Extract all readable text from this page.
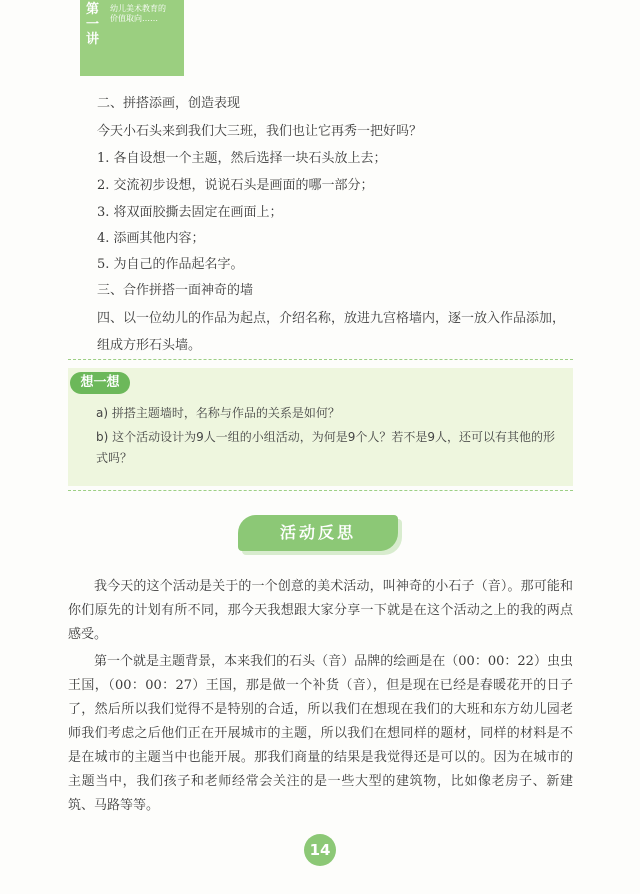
第一讲
幼儿美术教育的价值取向……

二、拼搭添画，创造表现

今天小石头来到我们大三班，我们也让它再秀一把好吗？

1. 各自设想一个主题，然后选择一块石头放上去；

2. 交流初步设想，说说石头是画面的哪一部分；

3. 将双面胶撕去固定在画面上；

4. 添画其他内容；

5. 为自己的作品起名字。

三、合作拼搭一面神奇的墙

四、以一位幼儿的作品为起点，介绍名称，放进九宫格墙内，逐一放入作品添加，组成方形石头墙。

想一想

a) 拼搭主题墙时，名称与作品的关系是如何？

b) 这个活动设计为9人一组的小组活动，为何是9个人？若不是9人，还可以有其他的形式吗？

活动反思

我今天的这个活动是关于的一个创意的美术活动，叫神奇的小石子（音）。那可能和你们原先的计划有所不同，那今天我想跟大家分享一下就是在这个活动之上的我的两点感受。

第一个就是主题背景，本来我们的石头（音）品牌的绘画是在（00：00：22）虫虫王国，（00：00：27）王国，那是做一个补货（音），但是现在已经是春暖花开的日子了，然后所以我们觉得不是特别的合适，所以我们在想现在我们的大班和东方幼儿园老师我们考虑之后他们正在开展城市的主题，所以我们在想同样的题材，同样的材料是不是在城市的主题当中也能开展。那我们商量的结果是我觉得还是可以的。因为在城市的主题当中，我们孩子和老师经常会关注的是一些大型的建筑物，比如像老房子、新建筑、马路等等。

14
